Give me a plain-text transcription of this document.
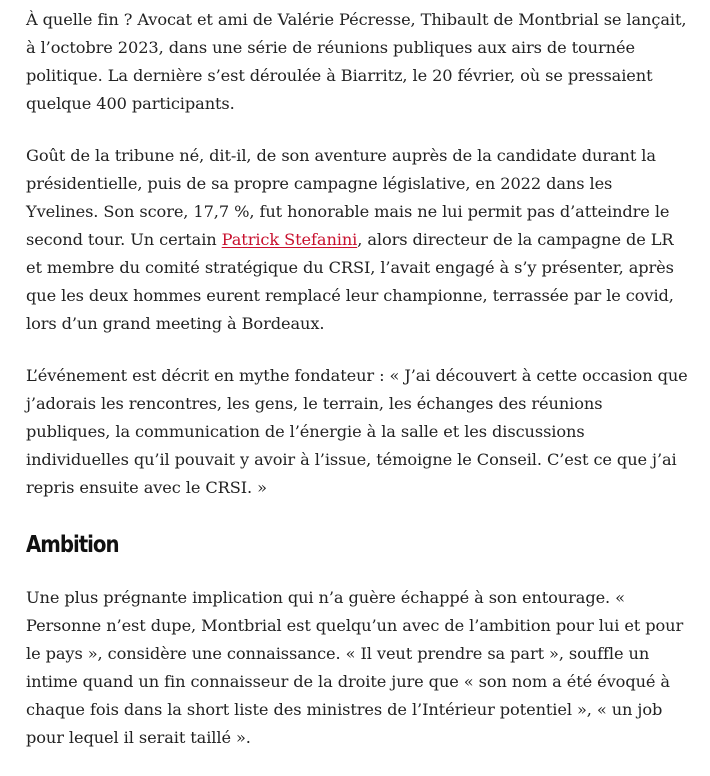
À quelle fin ? Avocat et ami de Valérie Pécresse, Thibault de Montbrial se lançait, à l’octobre 2023, dans une série de réunions publiques aux airs de tournée politique. La dernière s’est déroulée à Biarritz, le 20 février, où se pressaient quelque 400 participants.

Goût de la tribune né, dit-il, de son aventure auprès de la candidate durant la présidentielle, puis de sa propre campagne législative, en 2022 dans les Yvelines. Son score, 17,7 %, fut honorable mais ne lui permit pas d’atteindre le second tour. Un certain Patrick Stefanini, alors directeur de la campagne de LR et membre du comité stratégique du CRSI, l’avait engagé à s’y présenter, après que les deux hommes eurent remplacé leur championne, terrassée par le covid, lors d’un grand meeting à Bordeaux.

L’événement est décrit en mythe fondateur : « J’ai découvert à cette occasion que j’adorais les rencontres, les gens, le terrain, les échanges des réunions publiques, la communication de l’énergie à la salle et les discussions individuelles qu’il pouvait y avoir à l’issue, témoigne le Conseil. C’est ce que j’ai repris ensuite avec le CRSI. »

Ambition

Une plus prégnante implication qui n’a guère échappé à son entourage. « Personne n’est dupe, Montbrial est quelqu’un avec de l’ambition pour lui et pour le pays », considère une connaissance. « Il veut prendre sa part », souffle un intime quand un fin connaisseur de la droite jure que « son nom a été évoqué à chaque fois dans la short liste des ministres de l’Intérieur potentiel », « un job pour lequel il serait taillé ».
